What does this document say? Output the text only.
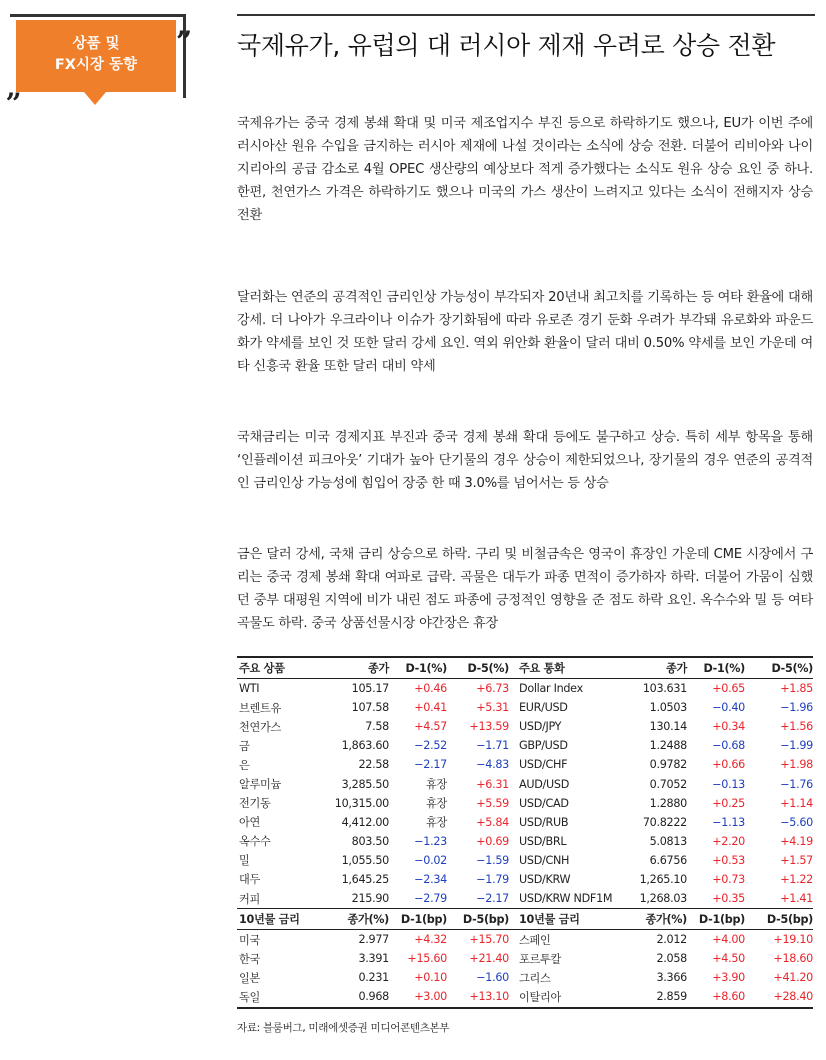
상품 및
FX시장 동향
”
„
국제유가, 유럽의 대 러시아 제재 우려로 상승 전환

국제유가는 중국 경제 봉쇄 확대 및 미국 제조업지수 부진 등으로 하락하기도 했으나, EU가 이번 주에 러시아산 원유 수입을 금지하는 러시아 제재에 나설 것이라는 소식에 상승 전환. 더불어 리비아와 나이지리아의 공급 감소로 4월 OPEC 생산량의 예상보다 적게 증가했다는 소식도 원유 상승 요인 중 하나. 한편, 천연가스 가격은 하락하기도 했으나 미국의 가스 생산이 느려지고 있다는 소식이 전해지자 상승 전환

달러화는 연준의 공격적인 금리인상 가능성이 부각되자 20년내 최고치를 기록하는 등 여타 환율에 대해 강세. 더 나아가 우크라이나 이슈가 장기화됨에 따라 유로존 경기 둔화 우려가 부각돼 유로화와 파운드화가 약세를 보인 것 또한 달러 강세 요인. 역외 위안화 환율이 달러 대비 0.50% 약세를 보인 가운데 여타 신흥국 환율 또한 달러 대비 약세

국채금리는 미국 경제지표 부진과 중국 경제 봉쇄 확대 등에도 불구하고 상승. 특히 세부 항목을 통해 ‘인플레이션 피크아웃’ 기대가 높아 단기물의 경우 상승이 제한되었으나, 장기물의 경우 연준의 공격적인 금리인상 가능성에 힘입어 장중 한 때 3.0%를 넘어서는 등 상승

금은 달러 강세, 국채 금리 상승으로 하락. 구리 및 비철금속은 영국이 휴장인 가운데 CME 시장에서 구리는 중국 경제 봉쇄 확대 여파로 급락. 곡물은 대두가 파종 면적이 증가하자 하락. 더불어 가뭄이 심했던 중부 대평원 지역에 비가 내린 점도 파종에 긍정적인 영향을 준 점도 하락 요인. 옥수수와 밀 등 여타 곡물도 하락. 중국 상품선물시장 야간장은 휴장

주요 상품	종가	D-1(%)	D-5(%)	주요 통화	종가	D-1(%)	D-5(%)
WTI	105.17	+0.46	+6.73	Dollar Index	103.631	+0.65	+1.85
브렌트유	107.58	+0.41	+5.31	EUR/USD	1.0503	−0.40	−1.96
천연가스	7.58	+4.57	+13.59	USD/JPY	130.14	+0.34	+1.56
금	1,863.60	−2.52	−1.71	GBP/USD	1.2488	−0.68	−1.99
은	22.58	−2.17	−4.83	USD/CHF	0.9782	+0.66	+1.98
알루미늄	3,285.50	휴장	+6.31	AUD/USD	0.7052	−0.13	−1.76
전기동	10,315.00	휴장	+5.59	USD/CAD	1.2880	+0.25	+1.14
아연	4,412.00	휴장	+5.84	USD/RUB	70.8222	−1.13	−5.60
옥수수	803.50	−1.23	+0.69	USD/BRL	5.0813	+2.20	+4.19
밀	1,055.50	−0.02	−1.59	USD/CNH	6.6756	+0.53	+1.57
대두	1,645.25	−2.34	−1.79	USD/KRW	1,265.10	+0.73	+1.22
커피	215.90	−2.79	−2.17	USD/KRW NDF1M	1,268.03	+0.35	+1.41
10년물 금리	종가(%)	D-1(bp)	D-5(bp)	10년물 금리	종가(%)	D-1(bp)	D-5(bp)
미국	2.977	+4.32	+15.70	스페인	2.012	+4.00	+19.10
한국	3.391	+15.60	+21.40	포르투칼	2.058	+4.50	+18.60
일본	0.231	+0.10	−1.60	그리스	3.366	+3.90	+41.20
독일	0.968	+3.00	+13.10	이탈리아	2.859	+8.60	+28.40
자료: 블룸버그, 미래에셋증권 미디어콘텐츠본부
